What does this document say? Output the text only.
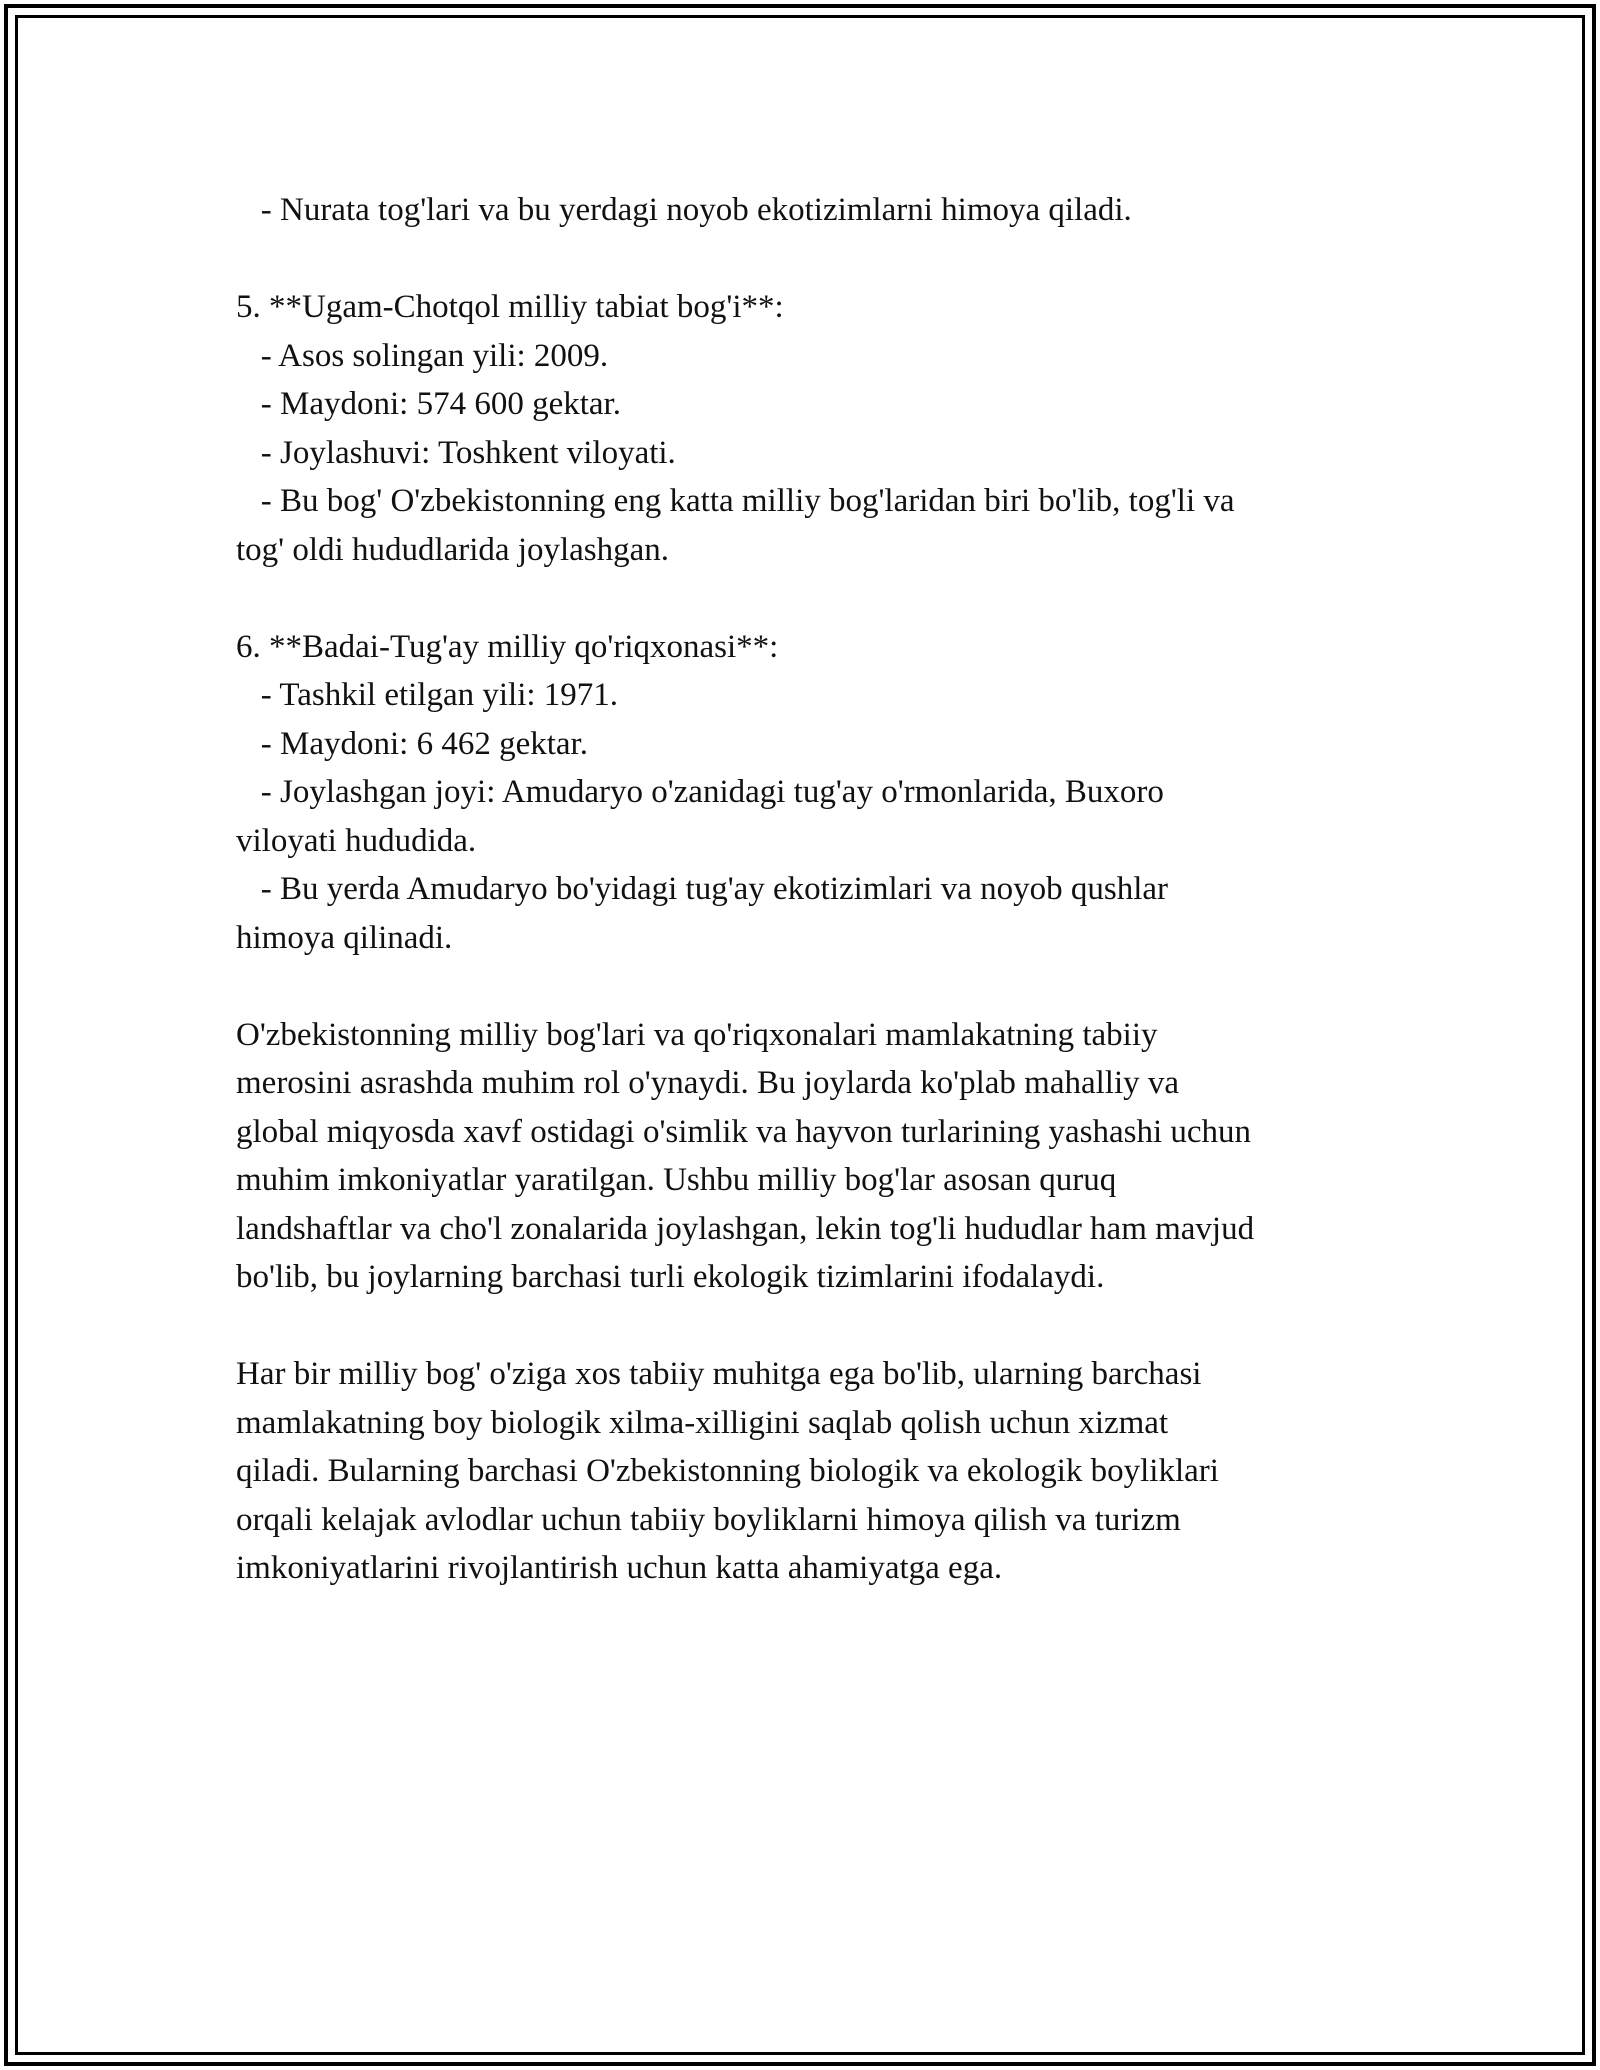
- Nurata tog'lari va bu yerdagi noyob ekotizimlarni himoya qiladi.
5. **Ugam-Chotqol milliy tabiat bog'i**:
- Asos solingan yili: 2009.
- Maydoni: 574 600 gektar.
- Joylashuvi: Toshkent viloyati.
- Bu bog' O'zbekistonning eng katta milliy bog'laridan biri bo'lib, tog'li va
tog' oldi hududlarida joylashgan.
6. **Badai-Tug'ay milliy qo'riqxonasi**:
- Tashkil etilgan yili: 1971.
- Maydoni: 6 462 gektar.
- Joylashgan joyi: Amudaryo o'zanidagi tug'ay o'rmonlarida, Buxoro
viloyati hududida.
- Bu yerda Amudaryo bo'yidagi tug'ay ekotizimlari va noyob qushlar
himoya qilinadi.
O'zbekistonning milliy bog'lari va qo'riqxonalari mamlakatning tabiiy
merosini asrashda muhim rol o'ynaydi. Bu joylarda ko'plab mahalliy va
global miqyosda xavf ostidagi o'simlik va hayvon turlarining yashashi uchun
muhim imkoniyatlar yaratilgan. Ushbu milliy bog'lar asosan quruq
landshaftlar va cho'l zonalarida joylashgan, lekin tog'li hududlar ham mavjud
bo'lib, bu joylarning barchasi turli ekologik tizimlarini ifodalaydi.
Har bir milliy bog' o'ziga xos tabiiy muhitga ega bo'lib, ularning barchasi
mamlakatning boy biologik xilma-xilligini saqlab qolish uchun xizmat
qiladi. Bularning barchasi O'zbekistonning biologik va ekologik boyliklari
orqali kelajak avlodlar uchun tabiiy boyliklarni himoya qilish va turizm
imkoniyatlarini rivojlantirish uchun katta ahamiyatga ega.
